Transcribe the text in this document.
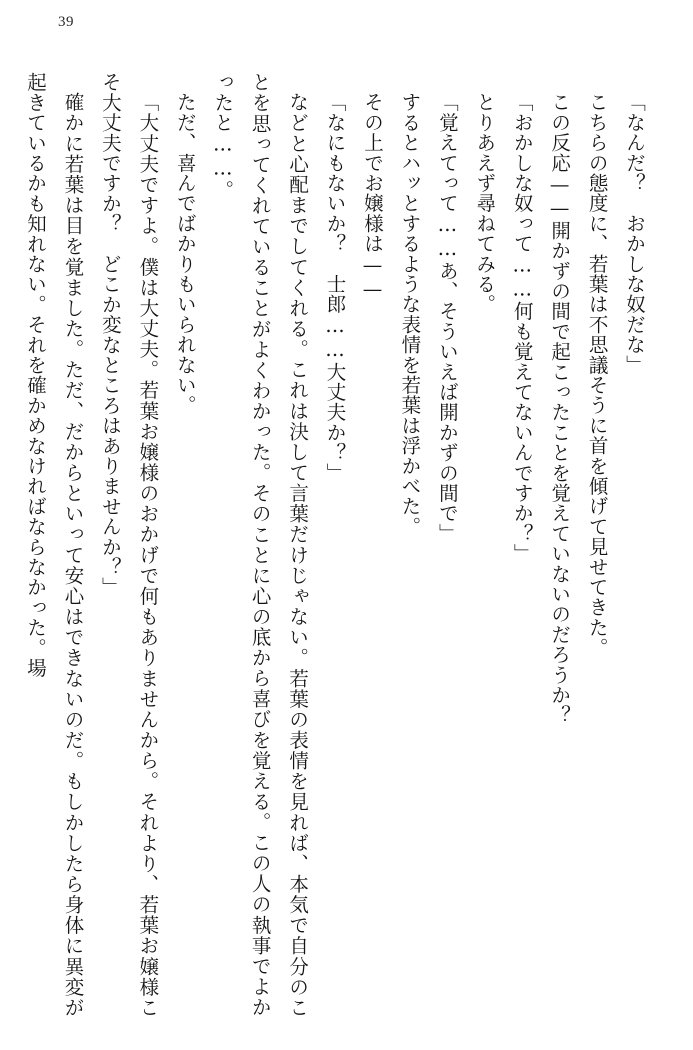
39

「なんだ？　おかしな奴だな」

こちらの態度に、若葉は不思議そうに首を傾げて見せてきた。

この反応——開かずの間で起こったことを覚えていないのだろうか？

「おかしな奴って……何も覚えてないんですか？」

とりあえず尋ねてみる。

「覚えてって……あ、そういえば開かずの間で」

するとハッとするような表情を若葉は浮かべた。

その上でお嬢様は——

「なにもないか？　士郎……大丈夫か？」

などと心配までしてくれる。これは決して言葉だけじゃない。若葉の表情を見れば、本気で自分のことを思ってくれていることがよくわかった。そのことに心の底から喜びを覚える。この人の執事でよかったと……。

ただ、喜んでばかりもいられない。

「大丈夫ですよ。僕は大丈夫。若葉お嬢様のおかげで何もありませんから。それより、若葉お嬢様こそ大丈夫ですか？　どこか変なところはありませんか？」

確かに若葉は目を覚ました。ただ、だからといって安心はできないのだ。もしかしたら身体に異変が起きているかも知れない。それを確かめなければならなかった。場
